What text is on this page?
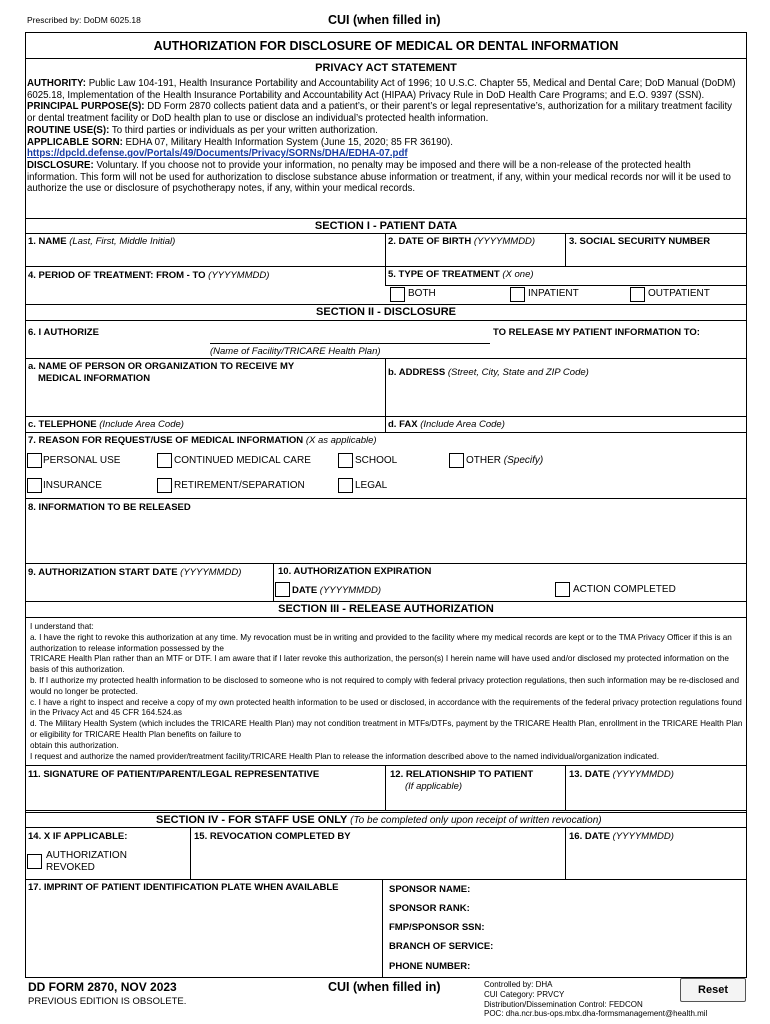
Prescribed by: DoDM 6025.18	CUI (when filled in)
AUTHORIZATION FOR DISCLOSURE OF MEDICAL OR DENTAL INFORMATION
PRIVACY ACT STATEMENT

AUTHORITY: Public Law 104-191, Health Insurance Portability and Accountability Act of 1996; 10 U.S.C. Chapter 55, Medical and Dental Care; DoD Manual (DoDM) 6025.18, Implementation of the Health Insurance Portability and Accountability Act (HIPAA) Privacy Rule in DoD Health Care Programs; and E.O. 9397 (SSN).

PRINCIPAL PURPOSE(S): DD Form 2870 collects patient data and a patient’s, or their parent’s or legal representative’s, authorization for a military treatment facility or dental treatment facility or DoD health plan to use or disclose an individual’s protected health information.

ROUTINE USE(S): To third parties or individuals as per your written authorization.

APPLICABLE SORN: EDHA 07, Military Health Information System (June 15, 2020; 85 FR 36190). https://dpcld.defense.gov/Portals/49/Documents/Privacy/SORNs/DHA/EDHA-07.pdf

DISCLOSURE: Voluntary. If you choose not to provide your information, no penalty may be imposed and there will be a non-release of the protected health information. This form will not be used for authorization to disclose substance abuse information or treatment, if any, within your medical records nor will it be used to authorize the use or disclosure of psychotherapy notes, if any, within your medical records.

SECTION I - PATIENT DATA
1. NAME (Last, First, Middle Initial)	2. DATE OF BIRTH (YYYYMMDD)	3. SOCIAL SECURITY NUMBER
4. PERIOD OF TREATMENT: FROM - TO (YYYYMMDD)	5. TYPE OF TREATMENT (X one)
BOTH	INPATIENT	OUTPATIENT
SECTION II - DISCLOSURE
6. I AUTHORIZE	TO RELEASE MY PATIENT INFORMATION TO:
(Name of Facility/TRICARE Health Plan)
a. NAME OF PERSON OR ORGANIZATION TO RECEIVE MY
MEDICAL INFORMATION
b. ADDRESS (Street, City, State and ZIP Code)
c. TELEPHONE (Include Area Code)	d. FAX (Include Area Code)
7. REASON FOR REQUEST/USE OF MEDICAL INFORMATION (X as applicable)
PERSONAL USE	CONTINUED MEDICAL CARE	SCHOOL	OTHER (Specify)
INSURANCE	RETIREMENT/SEPARATION	LEGAL
8. INFORMATION TO BE RELEASED
9. AUTHORIZATION START DATE (YYYYMMDD)	10. AUTHORIZATION EXPIRATION
DATE (YYYYMMDD)	ACTION COMPLETED
SECTION III - RELEASE AUTHORIZATION

I understand that:

a. I have the right to revoke this authorization at any time. My revocation must be in writing and provided to the facility where my medical records are kept or to the TMA Privacy Officer if this is an authorization to release information possessed by the

TRICARE Health Plan rather than an MTF or DTF. I am aware that if I later revoke this authorization, the person(s) I herein name will have used and/or disclosed my protected information on the basis of this authorization.

b. If I authorize my protected health information to be disclosed to someone who is not required to comply with federal privacy protection regulations, then such information may be re-disclosed and would no longer be protected.

c. I have a right to inspect and receive a copy of my own protected health information to be used or disclosed, in accordance with the requirements of the federal privacy protection regulations found in the Privacy Act and 45 CFR 164.524.as

d. The Military Health System (which includes the TRICARE Health Plan) may not condition treatment in MTFs/DTFs, payment by the TRICARE Health Plan, enrollment in the TRICARE Health Plan or eligibility for TRICARE Health Plan benefits on failure to

obtain this authorization.

I request and authorize the named provider/treatment facility/TRICARE Health Plan to release the information described above to the named individual/organization indicated.

11. SIGNATURE OF PATIENT/PARENT/LEGAL REPRESENTATIVE	12. RELATIONSHIP TO PATIENT
(If applicable)
13. DATE (YYYYMMDD)
SECTION IV - FOR STAFF USE ONLY (To be completed only upon receipt of written revocation)
14. X IF APPLICABLE:
AUTHORIZATION
REVOKED
15. REVOCATION COMPLETED BY	16. DATE (YYYYMMDD)
17. IMPRINT OF PATIENT IDENTIFICATION PLATE WHEN AVAILABLE	SPONSOR NAME:
SPONSOR RANK:
FMP/SPONSOR SSN:
BRANCH OF SERVICE:
PHONE NUMBER:
DD FORM 2870, NOV 2023
PREVIOUS EDITION IS OBSOLETE.
CUI (when filled in)	Controlled by: DHA
CUI Category: PRVCY
Distribution/Dissemination Control: FEDCON
POC: dha.ncr.bus-ops.mbx.dha-formsmanagement@health.mil
Reset
